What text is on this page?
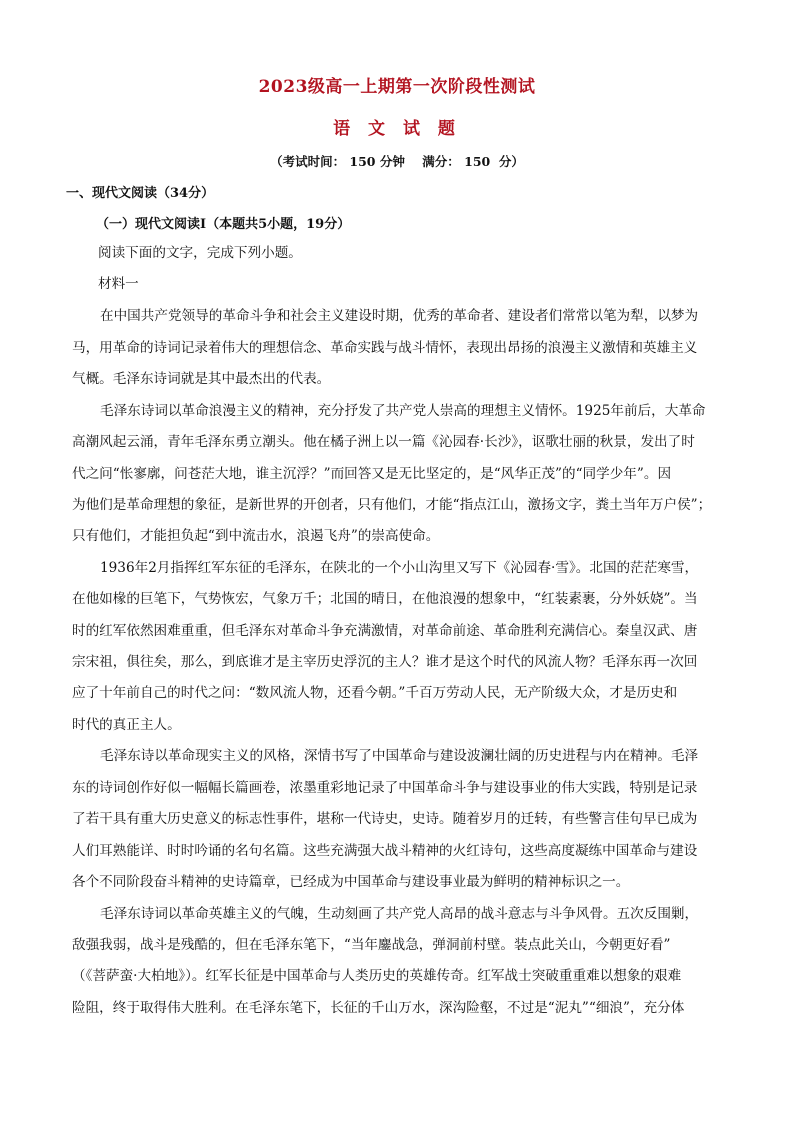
2023级高一上期第一次阶段性测试
语 文 试 题
（考试时间： 150 分钟    满分： 150  分）
一、现代文阅读（34分）
（一）现代文阅读Ⅰ（本题共5小题，19分）
阅读下面的文字，完成下列小题。
材料一
在中国共产党领导的革命斗争和社会主义建设时期，优秀的革命者、建设者们常常以笔为犁，以梦为
马，用革命的诗词记录着伟大的理想信念、革命实践与战斗情怀，表现出昂扬的浪漫主义激情和英雄主义
气概。毛泽东诗词就是其中最杰出的代表。
毛泽东诗词以革命浪漫主义的精神，充分抒发了共产党人崇高的理想主义情怀。1925年前后，大革命
高潮风起云涌，青年毛泽东勇立潮头。他在橘子洲上以一篇《沁园春·长沙》，讴歌壮丽的秋景，发出了时
代之问“怅寥廓，问苍茫大地，谁主沉浮？”而回答又是无比坚定的，是“风华正茂”的“同学少年”。因
为他们是革命理想的象征，是新世界的开创者，只有他们，才能“指点江山，激扬文字，粪土当年万户侯”；
只有他们，才能担负起“到中流击水，浪遏飞舟”的崇高使命。
1936年2月指挥红军东征的毛泽东，在陕北的一个小山沟里又写下《沁园春·雪》。北国的茫茫寒雪，
在他如椽的巨笔下，气势恢宏，气象万千；北国的晴日，在他浪漫的想象中，“红装素裹，分外妖娆”。当
时的红军依然困难重重，但毛泽东对革命斗争充满激情，对革命前途、革命胜利充满信心。秦皇汉武、唐
宗宋祖，俱往矣，那么，到底谁才是主宰历史浮沉的主人？谁才是这个时代的风流人物？毛泽东再一次回
应了十年前自己的时代之问：“数风流人物，还看今朝。”千百万劳动人民，无产阶级大众，才是历史和
时代的真正主人。
毛泽东诗以革命现实主义的风格，深情书写了中国革命与建设波澜壮阔的历史进程与内在精神。毛泽
东的诗词创作好似一幅幅长篇画卷，浓墨重彩地记录了中国革命斗争与建设事业的伟大实践，特别是记录
了若干具有重大历史意义的标志性事件，堪称一代诗史，史诗。随着岁月的迁转，有些警言佳句早已成为
人们耳熟能详、时时吟诵的名句名篇。这些充满强大战斗精神的火红诗句，这些高度凝练中国革命与建设
各个不同阶段奋斗精神的史诗篇章，已经成为中国革命与建设事业最为鲜明的精神标识之一。
毛泽东诗词以革命英雄主义的气魄，生动刻画了共产党人高昂的战斗意志与斗争风骨。五次反围剿，
敌强我弱，战斗是残酷的，但在毛泽东笔下，“当年鏖战急，弹洞前村壁。装点此关山，今朝更好看”
（《菩萨蛮·大柏地》）。红军长征是中国革命与人类历史的英雄传奇。红军战士突破重重难以想象的艰难
险阻，终于取得伟大胜利。在毛泽东笔下，长征的千山万水，深沟险壑，不过是“泥丸”“细浪”，充分体
